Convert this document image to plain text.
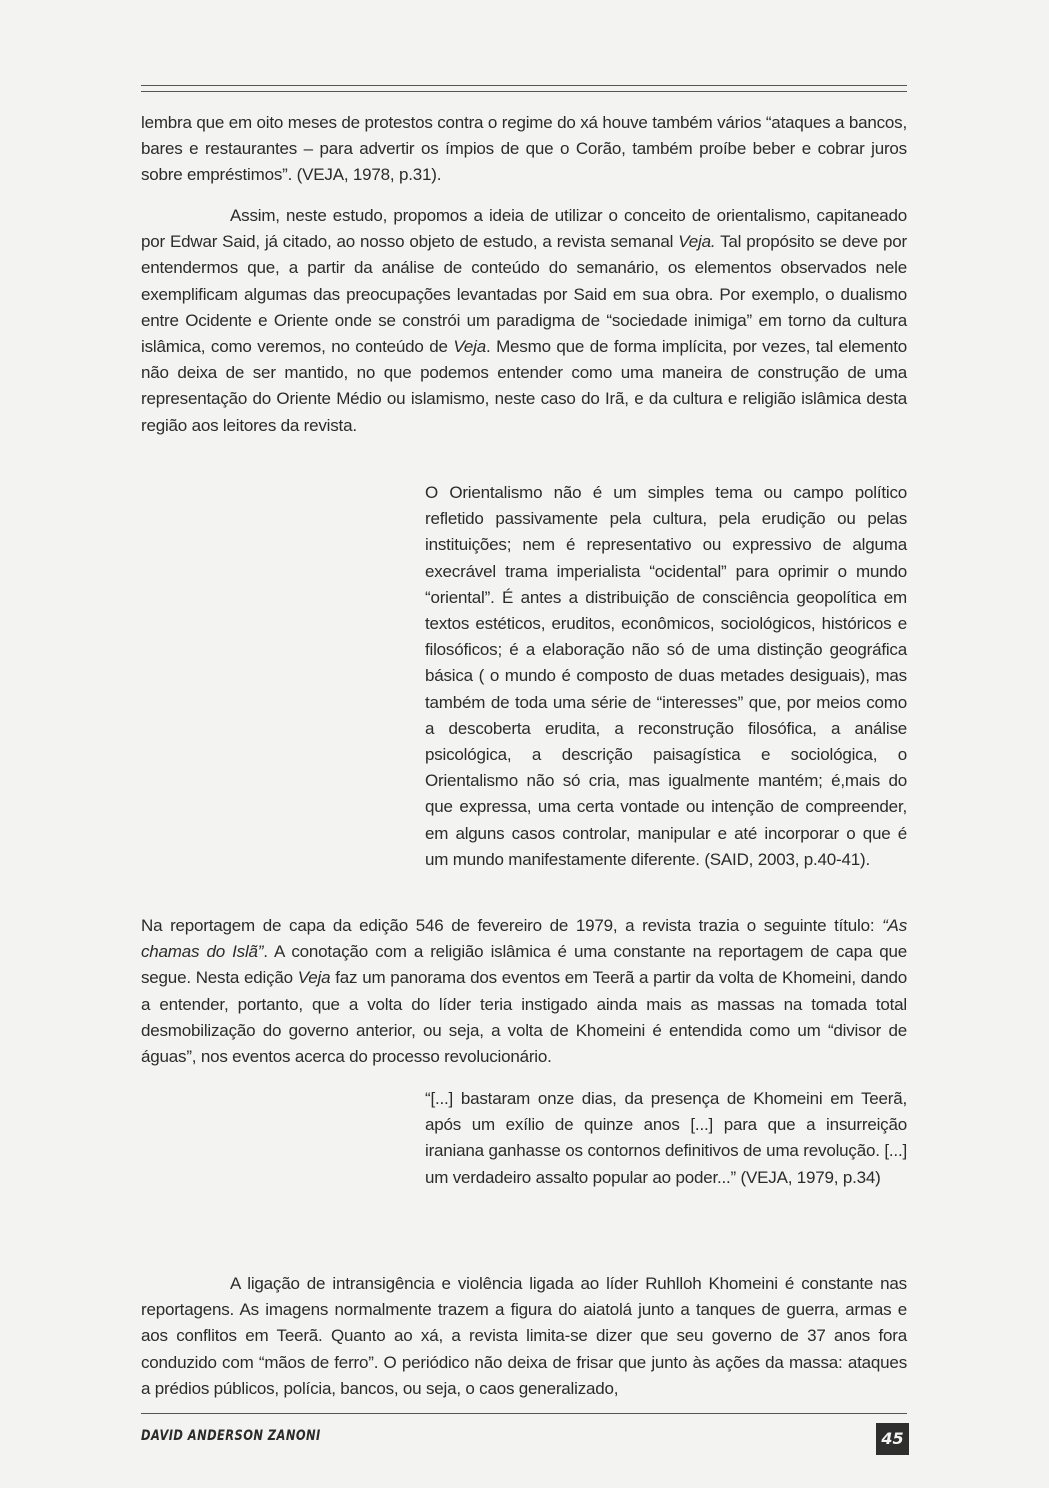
lembra que em oito meses de protestos contra o regime do xá houve também vários “ataques a bancos, bares e restaurantes – para advertir os ímpios de que o Corão, também proíbe beber e cobrar juros sobre empréstimos”. (VEJA, 1978, p.31).

Assim, neste estudo, propomos a ideia de utilizar o conceito de orientalismo, capitaneado por Edwar Said, já citado, ao nosso objeto de estudo, a revista semanal Veja. Tal propósito se deve por entendermos que, a partir da análise de conteúdo do semanário, os elementos observados nele exemplificam algumas das preocupações levantadas por Said em sua obra. Por exemplo, o dualismo entre Ocidente e Oriente onde se constrói um paradigma de “sociedade inimiga” em torno da cultura islâmica, como veremos, no conteúdo de Veja. Mesmo que de forma implícita, por vezes, tal elemento não deixa de ser mantido, no que podemos entender como uma maneira de construção de uma representação do Oriente Médio ou islamismo, neste caso do Irã, e da cultura e religião islâmica desta região aos leitores da revista.

O Orientalismo não é um simples tema ou campo político refletido passivamente pela cultura, pela erudição ou pelas instituições; nem é representativo ou expressivo de alguma execrável trama imperialista “ocidental” para oprimir o mundo “oriental”. É antes a distribuição de consciência geopolítica em textos estéticos, eruditos, econômicos, sociológicos, históricos e filosóficos; é a elaboração não só de uma distinção geográfica básica ( o mundo é composto de duas metades desiguais), mas também de toda uma série de “interesses” que, por meios como a descoberta erudita, a reconstrução filosófica, a análise psicológica, a descrição paisagística e sociológica, o Orientalismo não só cria, mas igualmente mantém; é,mais do que expressa, uma certa vontade ou intenção de compreender, em alguns casos controlar, manipular e até incorporar o que é um mundo manifestamente diferente. (SAID, 2003, p.40-41).

Na reportagem de capa da edição 546 de fevereiro de 1979, a revista trazia o seguinte título: “As chamas do Islã”. A conotação com a religião islâmica é uma constante na reportagem de capa que segue. Nesta edição Veja faz um panorama dos eventos em Teerã a partir da volta de Khomeini, dando a entender, portanto, que a volta do líder teria instigado ainda mais as massas na tomada total desmobilização do governo anterior, ou seja, a volta de Khomeini é entendida como um “divisor de águas”, nos eventos acerca do processo revolucionário.

“[...] bastaram onze dias, da presença de Khomeini em Teerã, após um exílio de quinze anos [...] para que a insurreição iraniana ganhasse os contornos definitivos de uma revolução. [...] um verdadeiro assalto popular ao poder...” (VEJA, 1979, p.34)

A ligação de intransigência e violência ligada ao líder Ruhlloh Khomeini é constante nas reportagens. As imagens normalmente trazem a figura do aiatolá junto a tanques de guerra, armas e aos conflitos em Teerã. Quanto ao xá, a revista limita-se dizer que seu governo de 37 anos fora conduzido com “mãos de ferro”. O periódico não deixa de frisar que junto às ações da massa: ataques a prédios públicos, polícia, bancos, ou seja, o caos generalizado,

DAVID ANDERSON ZANONI	45
